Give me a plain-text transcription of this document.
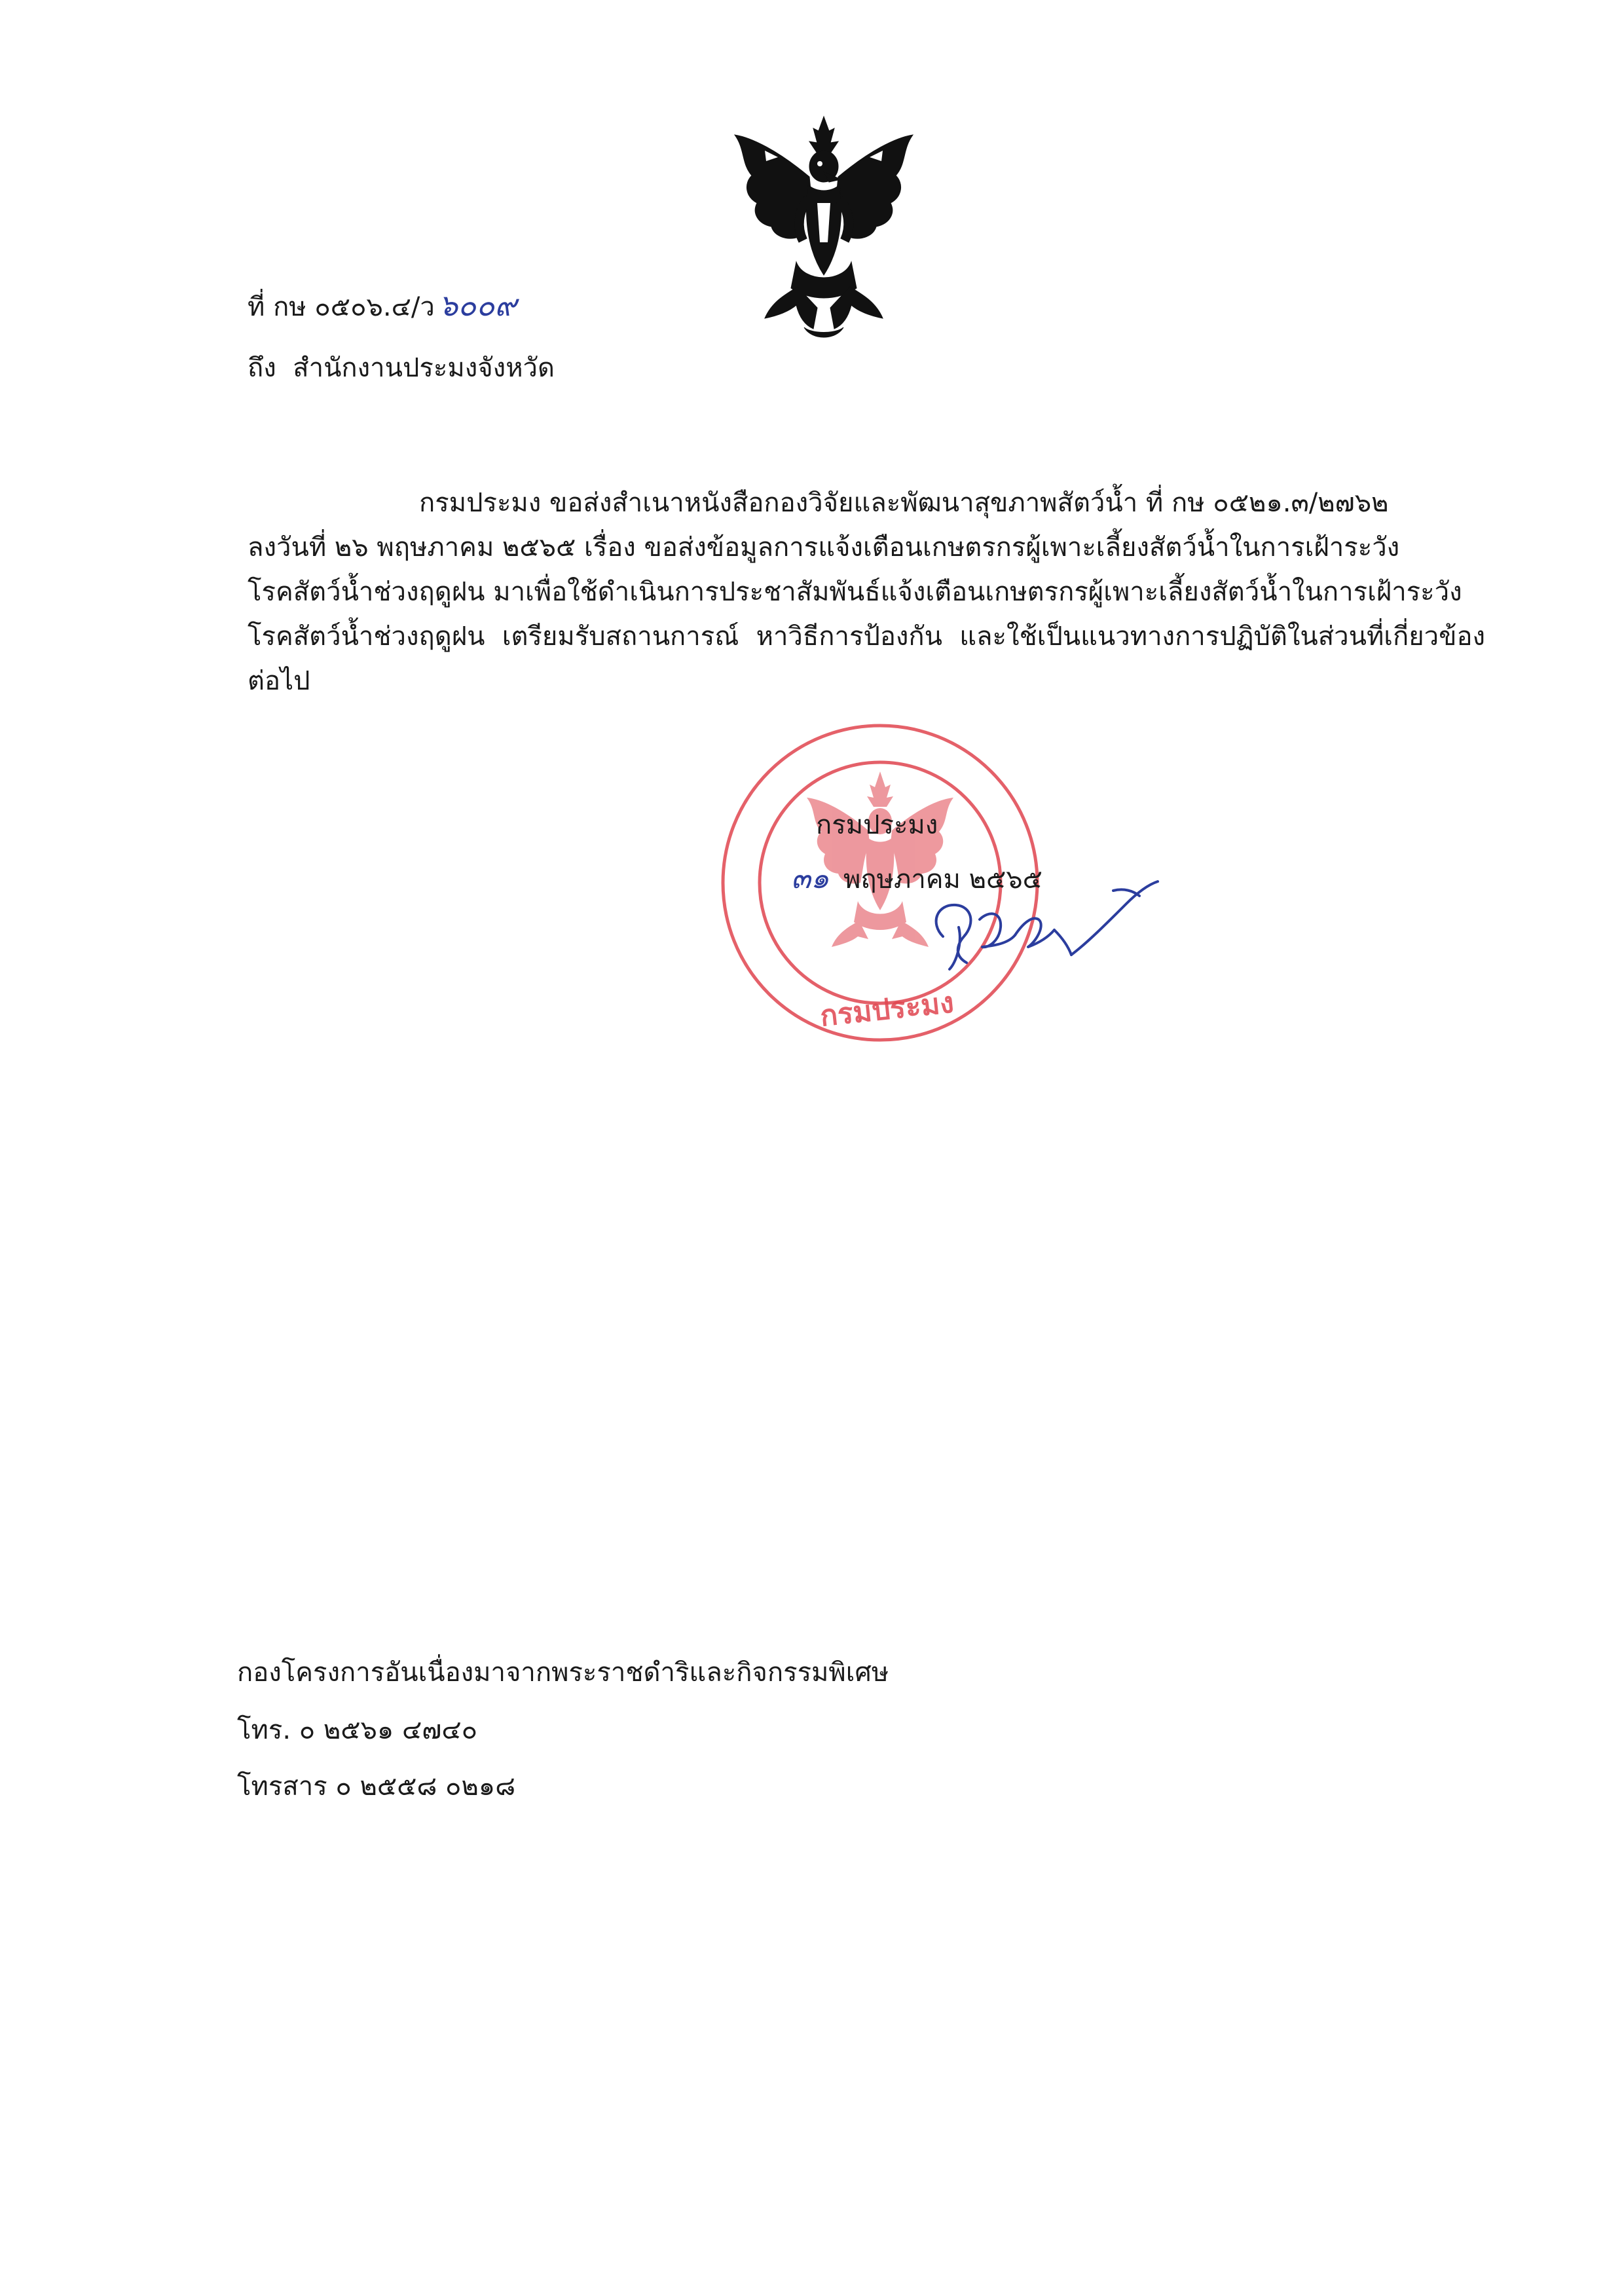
ที่ กษ ๐๕๐๖.๔/ว ๖๐๐๙
ถึง สำนักงานประมงจังหวัด
กรมประมง ขอส่งสำเนาหนังสือกองวิจัยและพัฒนาสุขภาพสัตว์น้ำ ที่ กษ ๐๕๒๑.๓/๒๗๖๒
ลงวันที่ ๒๖ พฤษภาคม ๒๕๖๕ เรื่อง ขอส่งข้อมูลการแจ้งเตือนเกษตรกรผู้เพาะเลี้ยงสัตว์น้ำในการเฝ้าระวัง
โรคสัตว์น้ำช่วงฤดูฝน มาเพื่อใช้ดำเนินการประชาสัมพันธ์แจ้งเตือนเกษตรกรผู้เพาะเลี้ยงสัตว์น้ำในการเฝ้าระวัง
โรคสัตว์น้ำช่วงฤดูฝน เตรียมรับสถานการณ์ หาวิธีการป้องกัน และใช้เป็นแนวทางการปฏิบัติในส่วนที่เกี่ยวข้องต่อไป
กรมประมง
กรมประมง
๓๑ พฤษภาคม ๒๕๖๕
กองโครงการอันเนื่องมาจากพระราชดำริและกิจกรรมพิเศษ
โทร. ๐ ๒๕๖๑ ๔๗๔๐
โทรสาร ๐ ๒๕๕๘ ๐๒๑๘
